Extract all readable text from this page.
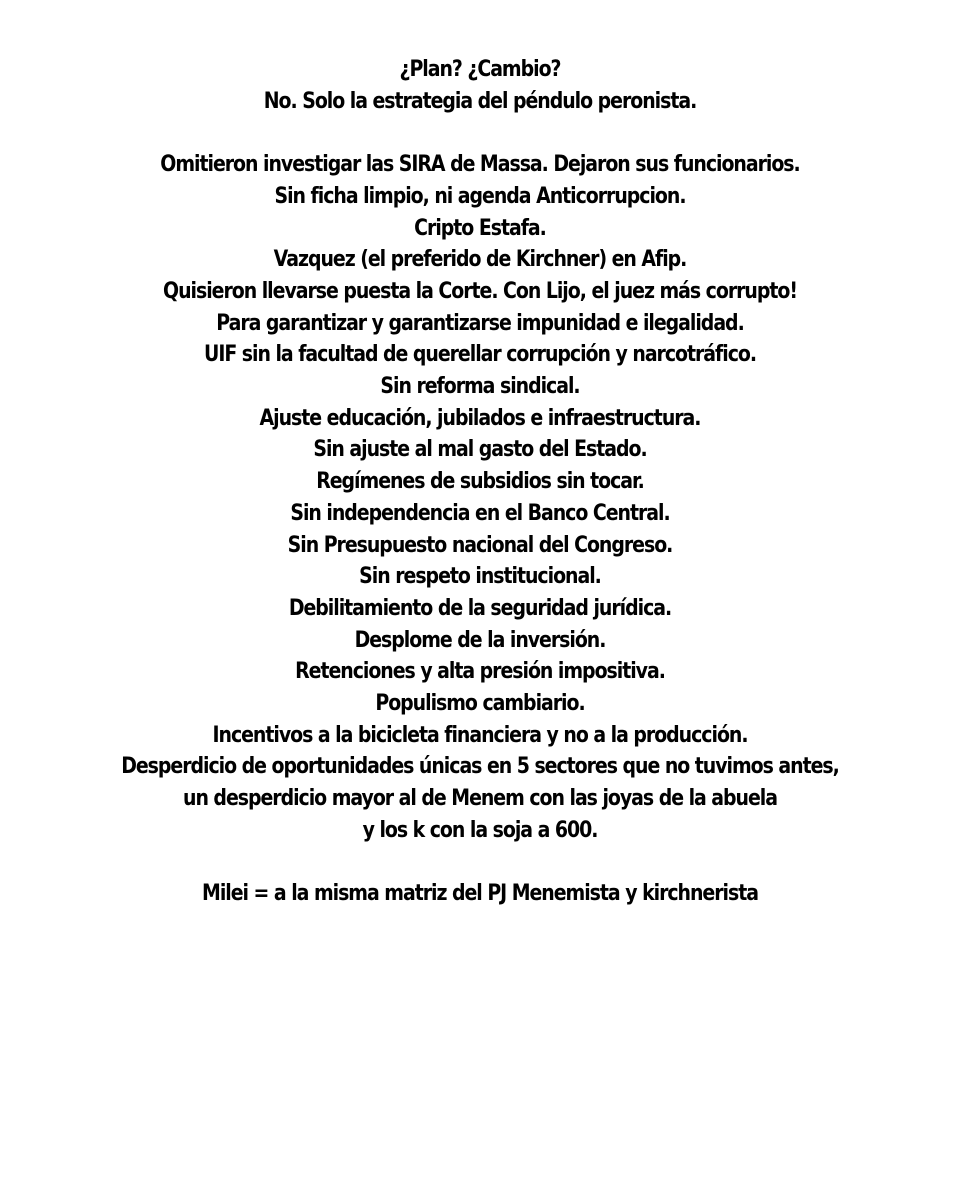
¿Plan? ¿Cambio?
No. Solo la estrategia del péndulo peronista.
Omitieron investigar las SIRA de Massa. Dejaron sus funcionarios.
Sin ficha limpio, ni agenda Anticorrupcion.
Cripto Estafa.
Vazquez (el preferido de Kirchner) en Afip.
Quisieron llevarse puesta la Corte. Con Lijo, el juez más corrupto!
Para garantizar y garantizarse impunidad e ilegalidad.
UIF sin la facultad de querellar corrupción y narcotráfico.
Sin reforma sindical.
Ajuste educación, jubilados e infraestructura.
Sin ajuste al mal gasto del Estado.
Regímenes de subsidios sin tocar.
Sin independencia en el Banco Central.
Sin Presupuesto nacional del Congreso.
Sin respeto institucional.
Debilitamiento de la seguridad jurídica.
Desplome de la inversión.
Retenciones y alta presión impositiva.
Populismo cambiario.
Incentivos a la bicicleta financiera y no a la producción.
Desperdicio de oportunidades únicas en 5 sectores que no tuvimos antes,
un desperdicio mayor al de Menem con las joyas de la abuela
y los k con la soja a 600.
Milei = a la misma matriz del PJ Menemista y kirchnerista
